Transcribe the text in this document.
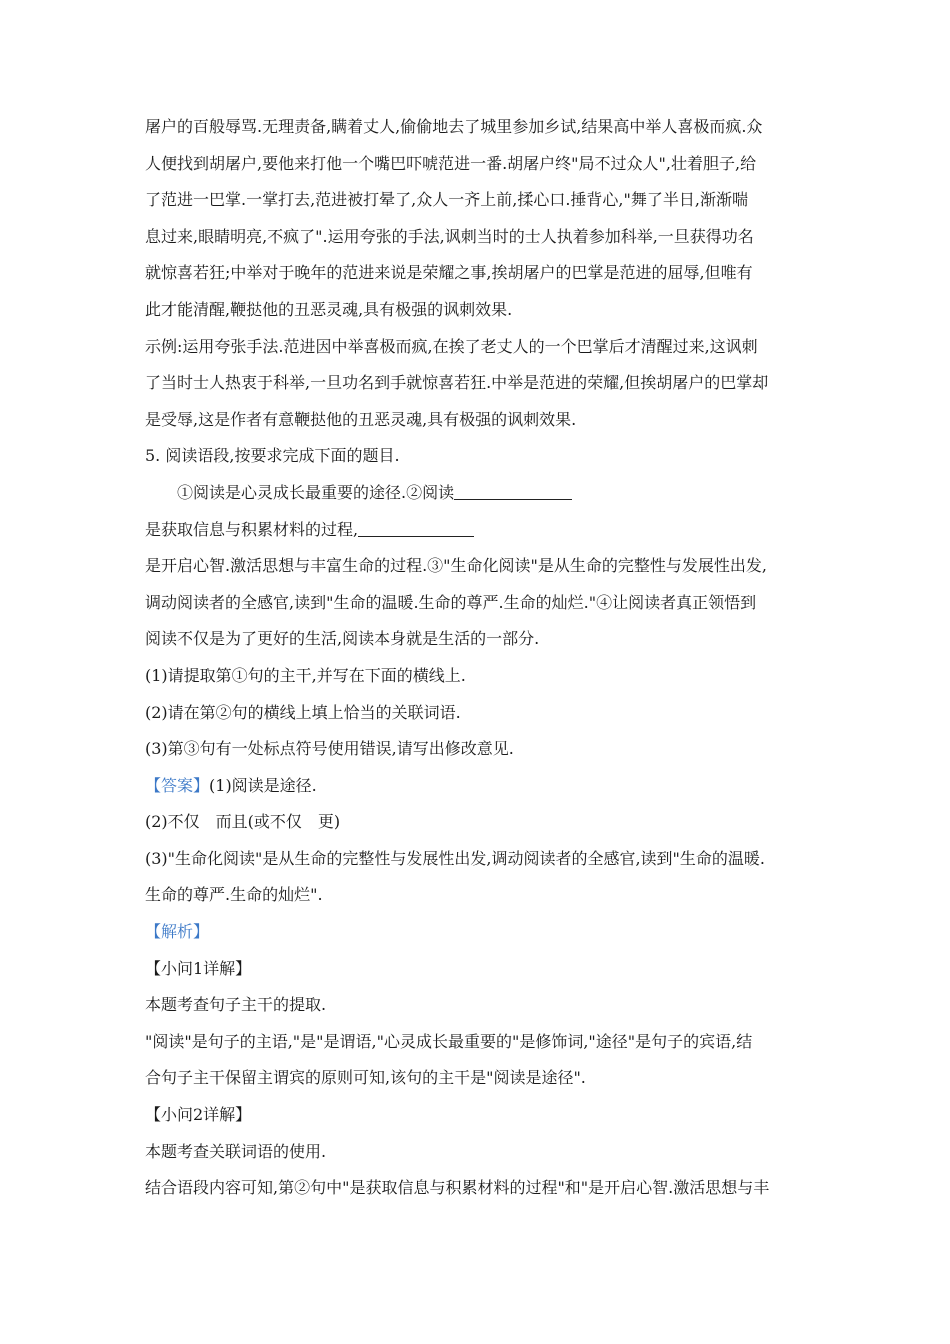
屠户的百般辱骂.无理责备,瞒着丈人,偷偷地去了城里参加乡试,结果高中举人喜极而疯.众
人便找到胡屠户,要他来打他一个嘴巴吓唬范进一番.胡屠户终"局不过众人",壮着胆子,给
了范进一巴掌.一掌打去,范进被打晕了,众人一齐上前,揉心口.捶背心,"舞了半日,渐渐喘
息过来,眼睛明亮,不疯了".运用夸张的手法,讽刺当时的士人执着参加科举,一旦获得功名
就惊喜若狂;中举对于晚年的范进来说是荣耀之事,挨胡屠户的巴掌是范进的屈辱,但唯有
此才能清醒,鞭挞他的丑恶灵魂,具有极强的讽刺效果.
示例:运用夸张手法.范进因中举喜极而疯,在挨了老丈人的一个巴掌后才清醒过来,这讽刺
了当时士人热衷于科举,一旦功名到手就惊喜若狂.中举是范进的荣耀,但挨胡屠户的巴掌却
是受辱,这是作者有意鞭挞他的丑恶灵魂,具有极强的讽刺效果.
5. 阅读语段,按要求完成下面的题目.
①阅读是心灵成长最重要的途径.②阅读
是获取信息与积累材料的过程,
是开启心智.激活思想与丰富生命的过程.③"生命化阅读"是从生命的完整性与发展性出发,
调动阅读者的全感官,读到"生命的温暖.生命的尊严.生命的灿烂."④让阅读者真正领悟到
阅读不仅是为了更好的生活,阅读本身就是生活的一部分.
(1)请提取第①句的主干,并写在下面的横线上.
(2)请在第②句的横线上填上恰当的关联词语.
(3)第③句有一处标点符号使用错误,请写出修改意见.
【答案】(1)阅读是途径.
(2)不仅 而且(或不仅 更)
(3)"生命化阅读"是从生命的完整性与发展性出发,调动阅读者的全感官,读到"生命的温暖.
生命的尊严.生命的灿烂".
【解析】
【小问1详解】
本题考查句子主干的提取.
"阅读"是句子的主语,"是"是谓语,"心灵成长最重要的"是修饰词,"途径"是句子的宾语,结
合句子主干保留主谓宾的原则可知,该句的主干是"阅读是途径".
【小问2详解】
本题考查关联词语的使用.
结合语段内容可知,第②句中"是获取信息与积累材料的过程"和"是开启心智.激活思想与丰
